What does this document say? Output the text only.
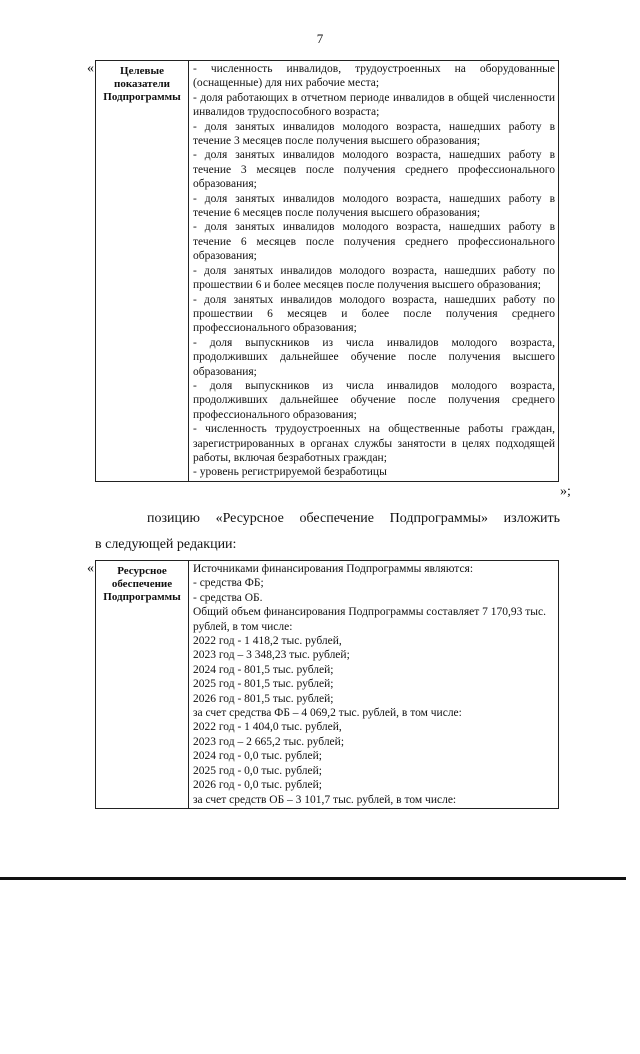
7
« Целевые показатели Подпрограммы	

- численность инвалидов, трудоустроенных на оборудованные (оснащенные) для них рабочие места;

- доля работающих в отчетном периоде инвалидов в общей численности инвалидов трудоспособного возраста;

- доля занятых инвалидов молодого возраста, нашедших работу в течение 3 месяцев после получения высшего образования;

- доля занятых инвалидов молодого возраста, нашедших работу в течение 3 месяцев после получения среднего профессионального образования;

- доля занятых инвалидов молодого возраста, нашедших работу в течение 6 месяцев после получения высшего образования;

- доля занятых инвалидов молодого возраста, нашедших работу в течение 6 месяцев после получения среднего профессионального образования;

- доля занятых инвалидов молодого возраста, нашедших работу по прошествии 6 и более месяцев после получения высшего образования;

- доля занятых инвалидов молодого возраста, нашедших работу по прошествии 6 месяцев и более после получения среднего профессионального образования;

- доля выпускников из числа инвалидов молодого возраста, продолживших дальнейшее обучение после получения высшего образования;

- доля выпускников из числа инвалидов молодого возраста, продолживших дальнейшее обучение после получения среднего профессионального образования;

- численность трудоустроенных на общественные работы граждан, зарегистрированных в органах службы занятости в целях подходящей работы, включая безработных граждан;

- уровень регистрируемой безработицы

»;
позицию «Ресурсное обеспечение Подпрограммы» изложить
в следующей редакции:
« Ресурсное обеспечение Подпрограммы	

Источниками финансирования Подпрограммы являются:

- средства ФБ;

- средства ОБ.

Общий объем финансирования Подпрограммы составляет 7 170,93 тыс. рублей, в том числе:

2022 год - 1 418,2 тыс. рублей,

2023 год – 3 348,23 тыс. рублей;

2024 год - 801,5 тыс. рублей;

2025 год - 801,5 тыс. рублей;

2026 год - 801,5 тыс. рублей;

за счет средства ФБ – 4 069,2 тыс. рублей, в том числе:

2022 год - 1 404,0 тыс. рублей,

2023 год – 2 665,2 тыс. рублей;

2024 год - 0,0 тыс. рублей;

2025 год - 0,0 тыс. рублей;

2026 год - 0,0 тыс. рублей;

за счет средств ОБ – 3 101,7 тыс. рублей, в том числе:
